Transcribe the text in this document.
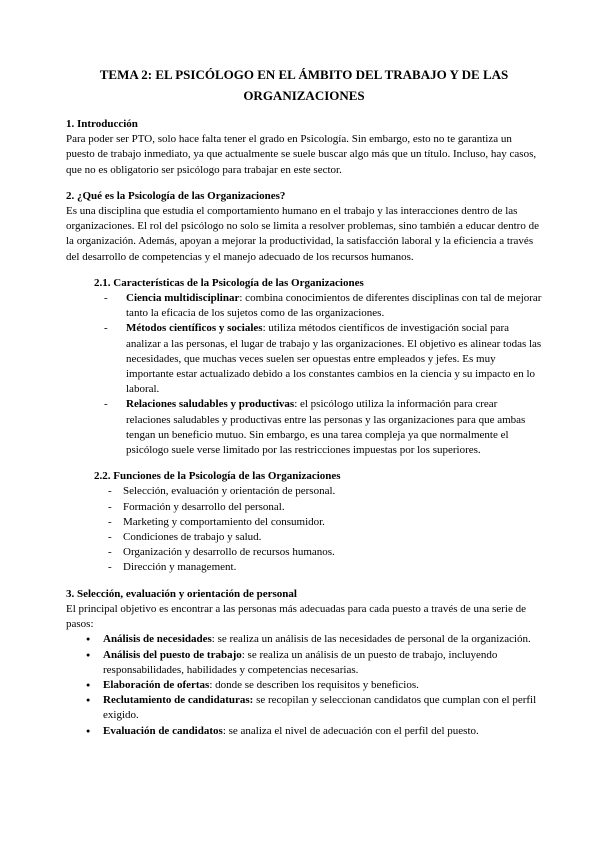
TEMA 2: EL PSICÓLOGO EN EL ÁMBITO DEL TRABAJO Y DE LAS ORGANIZACIONES
1. Introducción

Para poder ser PTO, solo hace falta tener el grado en Psicología. Sin embargo, esto no te garantiza un puesto de trabajo inmediato, ya que actualmente se suele buscar algo más que un título. Incluso, hay casos, que no es obligatorio ser psicólogo para trabajar en este sector.

2. ¿Qué es la Psicología de las Organizaciones?

Es una disciplina que estudia el comportamiento humano en el trabajo y las interacciones dentro de las organizaciones. El rol del psicólogo no solo se limita a resolver problemas, sino también a educar dentro de la organización. Además, apoyan a mejorar la productividad, la satisfacción laboral y la eficiencia a través del desarrollo de competencias y el manejo adecuado de los recursos humanos.

2.1. Características de la Psicología de las Organizaciones
- Ciencia multidisciplinar: combina conocimientos de diferentes disciplinas con tal de mejorar tanto la eficacia de los sujetos como de las organizaciones.
- Métodos científicos y sociales: utiliza métodos científicos de investigación social para analizar a las personas, el lugar de trabajo y las organizaciones. El objetivo es alinear todas las necesidades, que muchas veces suelen ser opuestas entre empleados y jefes. Es muy importante estar actualizado debido a los constantes cambios en la ciencia y su impacto en lo laboral.
- Relaciones saludables y productivas: el psicólogo utiliza la información para crear relaciones saludables y productivas entre las personas y las organizaciones para que ambas tengan un beneficio mutuo. Sin embargo, es una tarea compleja ya que normalmente el psicólogo suele verse limitado por las restricciones impuestas por los superiores.
2.2. Funciones de la Psicología de las Organizaciones
- Selección, evaluación y orientación de personal.
- Formación y desarrollo del personal.
- Marketing y comportamiento del consumidor.
- Condiciones de trabajo y salud.
- Organización y desarrollo de recursos humanos.
- Dirección y management.
3. Selección, evaluación y orientación de personal

El principal objetivo es encontrar a las personas más adecuadas para cada puesto a través de una serie de pasos:

● Análisis de necesidades: se realiza un análisis de las necesidades de personal de la organización.
● Análisis del puesto de trabajo: se realiza un análisis de un puesto de trabajo, incluyendo responsabilidades, habilidades y competencias necesarias.
● Elaboración de ofertas: donde se describen los requisitos y beneficios.
● Reclutamiento de candidaturas: se recopilan y seleccionan candidatos que cumplan con el perfil exigido.
● Evaluación de candidatos: se analiza el nivel de adecuación con el perfil del puesto.
